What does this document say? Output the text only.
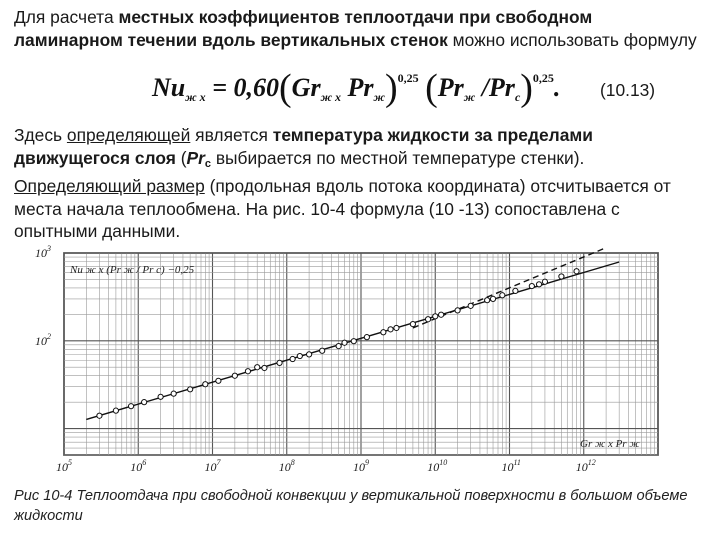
Для расчета местных коэффициентов теплоотдачи при свободном ламинарном течении вдоль вертикальных стенок можно использовать формулу

Nuж x = 0,60(Grж x Prж)$^{0,25}$ (Prж /Prc)$^{0,25}$. (10.13)

Здесь определяющей является температура жидкости за пределами движущегося слоя ($Pr_с$ выбирается по местной температуре стенки). Определяющий размер (продольная вдоль потока координата) отсчитывается от места начала теплообмена. На рис. 10-4 формула (10 -13) сопоставлена с опытными данными.

$10^5$	$10^6$	$10^7$	$10^8$	$10^9$	$10^{10}$	$10^{11}$	$10^{12}$
$10^2$
$10^3$
Nu ж x (Pr ж / Pr c) −0,25
Gr ж x Pr ж
Рис 10-4 Теплоотдача при свободной конвекции у вертикальной поверхности в большом объеме жидкости
